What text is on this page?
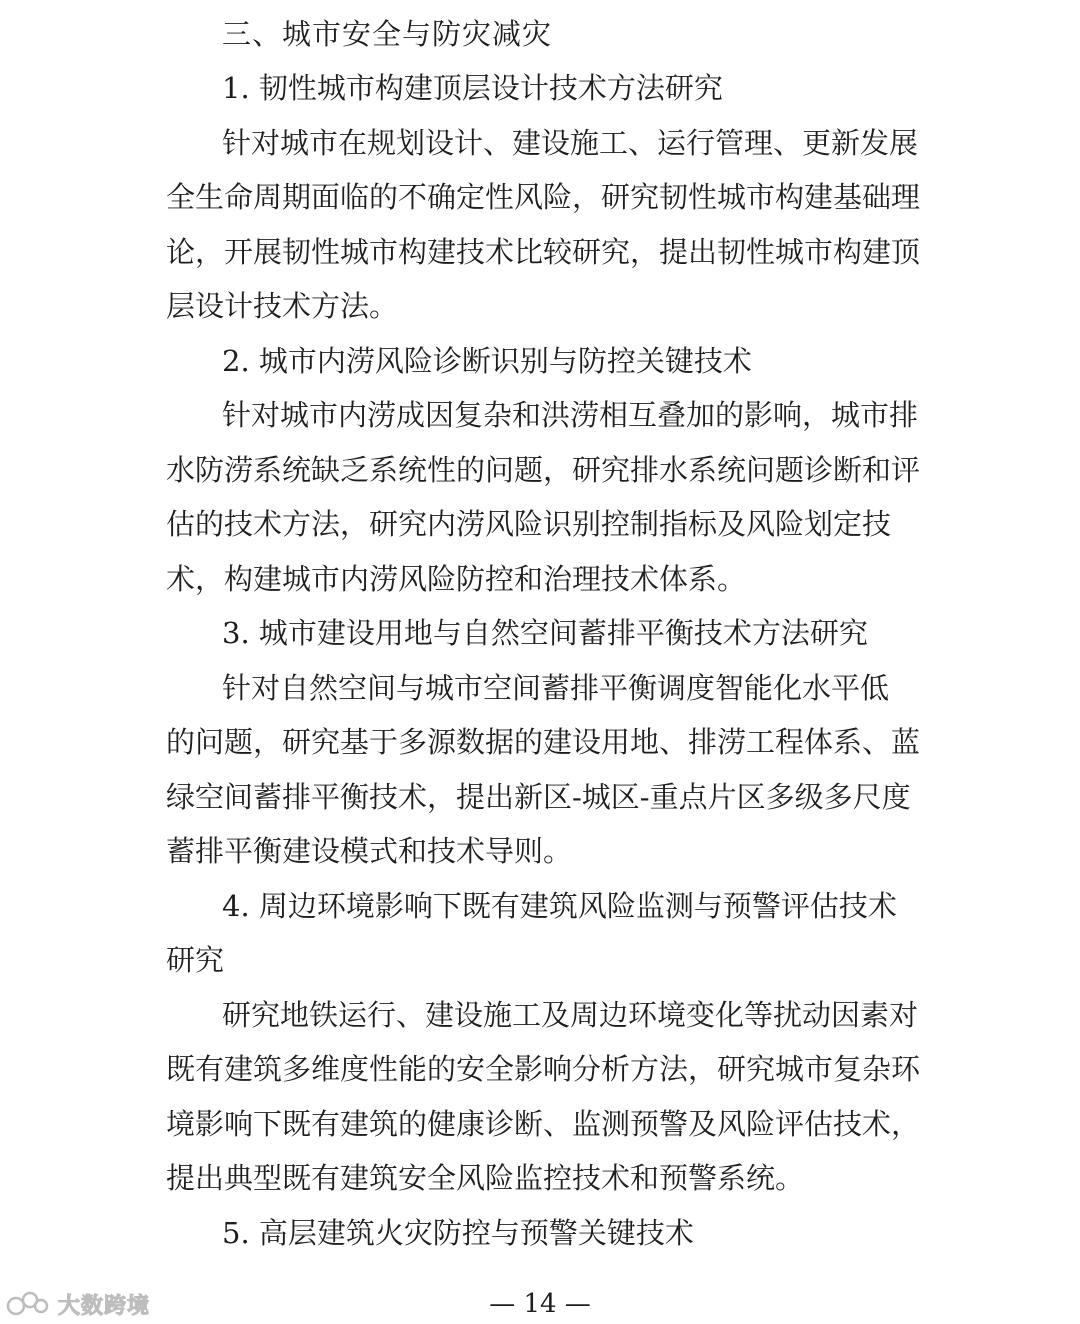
三、城市安全与防灾减灾
1. 韧性城市构建顶层设计技术方法研究
针对城市在规划设计、建设施工、运行管理、更新发展
全生命周期面临的不确定性风险，研究韧性城市构建基础理
论，开展韧性城市构建技术比较研究，提出韧性城市构建顶
层设计技术方法。
2. 城市内涝风险诊断识别与防控关键技术
针对城市内涝成因复杂和洪涝相互叠加的影响，城市排
水防涝系统缺乏系统性的问题，研究排水系统问题诊断和评
估的技术方法，研究内涝风险识别控制指标及风险划定技
术，构建城市内涝风险防控和治理技术体系。
3. 城市建设用地与自然空间蓄排平衡技术方法研究
针对自然空间与城市空间蓄排平衡调度智能化水平低
的问题，研究基于多源数据的建设用地、排涝工程体系、蓝
绿空间蓄排平衡技术，提出新区-城区-重点片区多级多尺度
蓄排平衡建设模式和技术导则。
4. 周边环境影响下既有建筑风险监测与预警评估技术
研究
研究地铁运行、建设施工及周边环境变化等扰动因素对
既有建筑多维度性能的安全影响分析方法，研究城市复杂环
境影响下既有建筑的健康诊断、监测预警及风险评估技术，
提出典型既有建筑安全风险监控技术和预警系统。
5. 高层建筑火灾防控与预警关键技术
大数跨境	— 14 —
